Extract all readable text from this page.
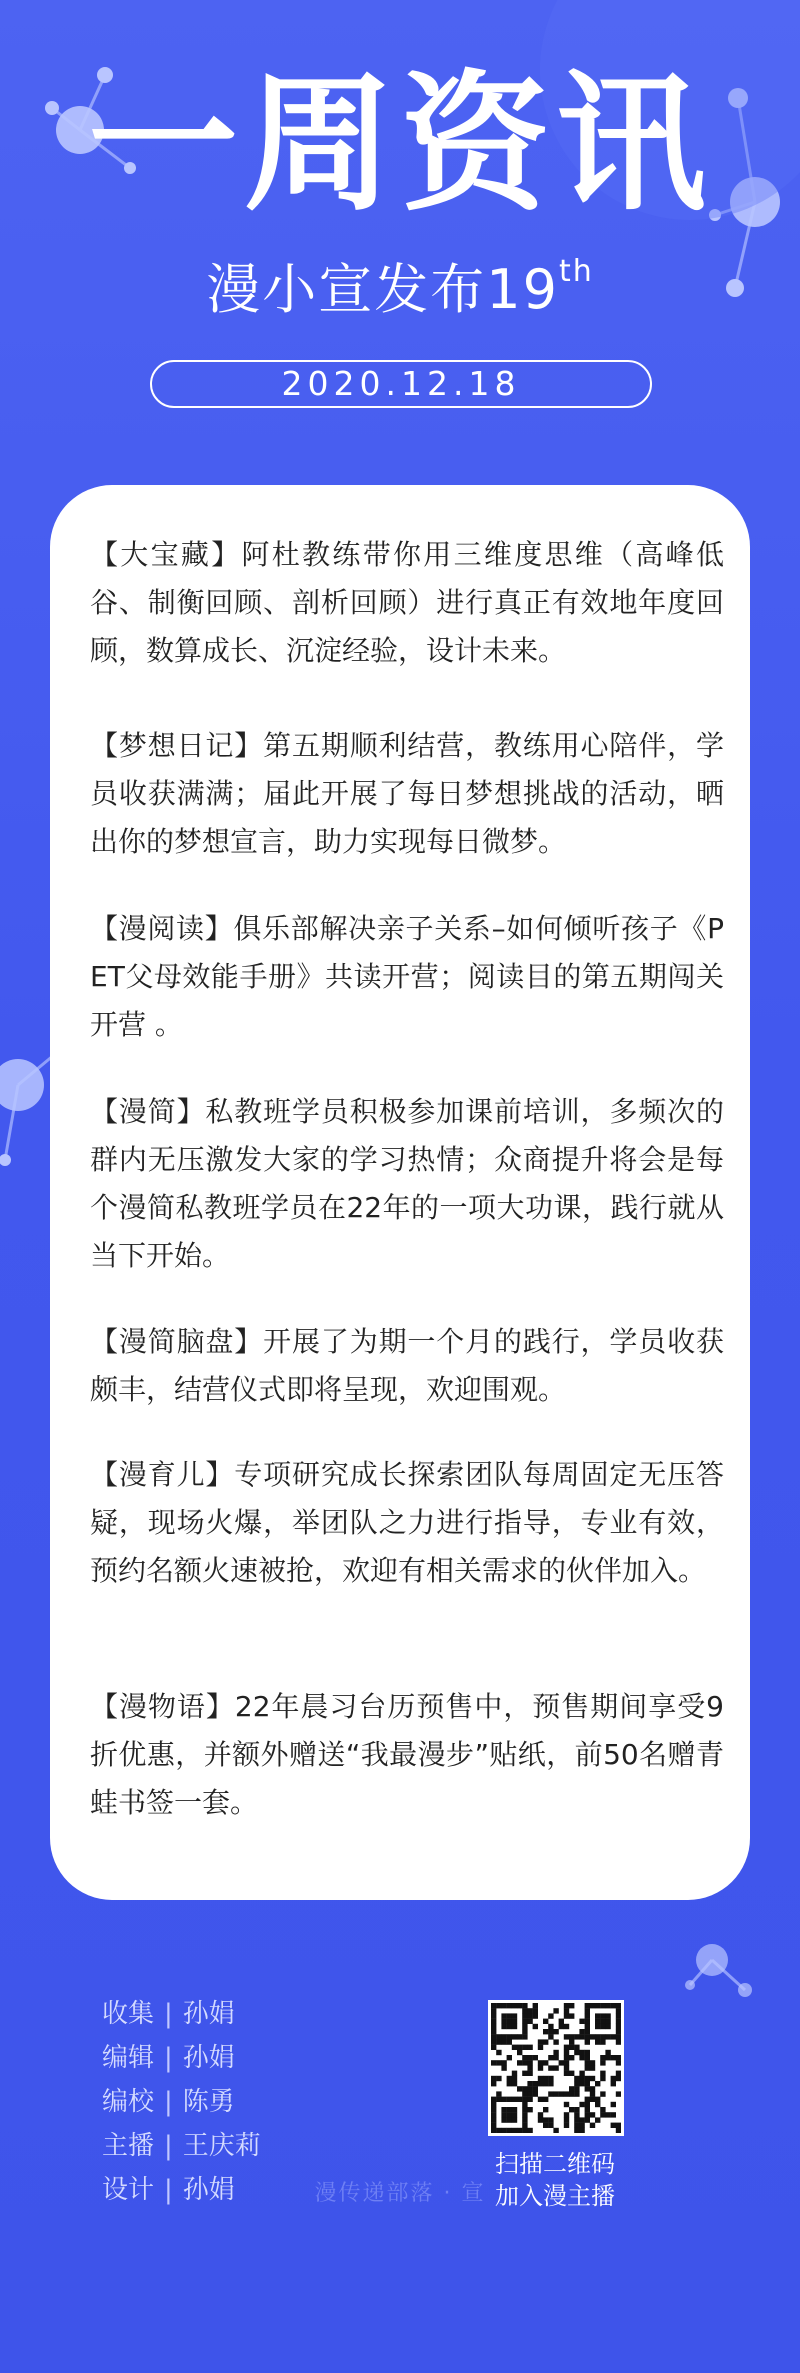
一周资讯
漫小宣发布19th
2020.12.18

【大宝藏】阿杜教练带你用三维度思维（高峰低谷、制衡回顾、剖析回顾）进行真正有效地年度回顾，数算成长、沉淀经验，设计未来。

【梦想日记】第五期顺利结营，教练用心陪伴，学员收获满满；届此开展了每日梦想挑战的活动，晒出你的梦想宣言，助力实现每日微梦。

【漫阅读】俱乐部解决亲子关系–如何倾听孩子《PET父母效能手册》共读开营；阅读目的第五期闯关开营 。

【漫简】私教班学员积极参加课前培训，多频次的群内无压激发大家的学习热情；众商提升将会是每个漫简私教班学员在22年的一项大功课，践行就从当下开始。

【漫简脑盘】开展了为期一个月的践行，学员收获颇丰，结营仪式即将呈现，欢迎围观。

【漫育儿】专项研究成长探索团队每周固定无压答疑，现场火爆，举团队之力进行指导，专业有效，预约名额火速被抢，欢迎有相关需求的伙伴加入。

【漫物语】22年晨习台历预售中，预售期间享受9折优惠，并额外赠送“我最漫步”贴纸，前50名赠青蛙书签一套。

收集 | 孙娟
编辑 | 孙娟
编校 | 陈勇
主播 | 王庆莉
设计 | 孙娟
扫描二维码
加入漫主播
漫传递部落 · 宣
